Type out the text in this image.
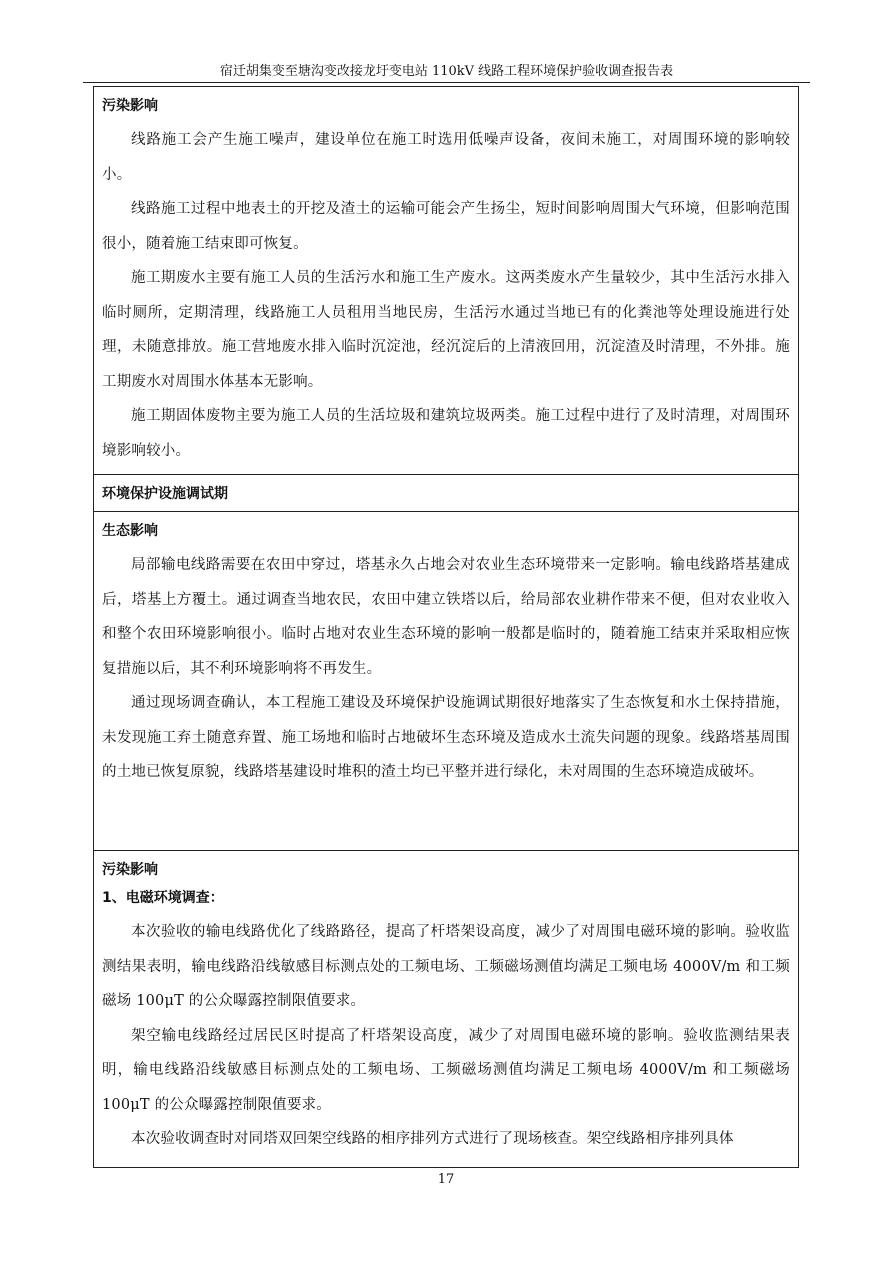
宿迁胡集变至塘沟变改接龙圩变电站 110kV 线路工程环境保护验收调查报告表
污染影响

线路施工会产生施工噪声，建设单位在施工时选用低噪声设备，夜间未施工，对周围环境的影响较小。

线路施工过程中地表土的开挖及渣土的运输可能会产生扬尘，短时间影响周围大气环境，但影响范围很小，随着施工结束即可恢复。

施工期废水主要有施工人员的生活污水和施工生产废水。这两类废水产生量较少，其中生活污水排入临时厕所，定期清理，线路施工人员租用当地民房，生活污水通过当地已有的化粪池等处理设施进行处理，未随意排放。施工营地废水排入临时沉淀池，经沉淀后的上清液回用，沉淀渣及时清理，不外排。施工期废水对周围水体基本无影响。

施工期固体废物主要为施工人员的生活垃圾和建筑垃圾两类。施工过程中进行了及时清理，对周围环境影响较小。

环境保护设施调试期
生态影响

局部输电线路需要在农田中穿过，塔基永久占地会对农业生态环境带来一定影响。输电线路塔基建成后，塔基上方覆土。通过调查当地农民，农田中建立铁塔以后，给局部农业耕作带来不便，但对农业收入和整个农田环境影响很小。临时占地对农业生态环境的影响一般都是临时的，随着施工结束并采取相应恢复措施以后，其不利环境影响将不再发生。

通过现场调查确认，本工程施工建设及环境保护设施调试期很好地落实了生态恢复和水土保持措施，未发现施工弃土随意弃置、施工场地和临时占地破坏生态环境及造成水土流失问题的现象。线路塔基周围的土地已恢复原貌，线路塔基建设时堆积的渣土均已平整并进行绿化，未对周围的生态环境造成破坏。

污染影响
1、电磁环境调查：

本次验收的输电线路优化了线路路径，提高了杆塔架设高度，减少了对周围电磁环境的影响。验收监测结果表明，输电线路沿线敏感目标测点处的工频电场、工频磁场测值均满足工频电场 4000V/m 和工频磁场 100μT 的公众曝露控制限值要求。

架空输电线路经过居民区时提高了杆塔架设高度，减少了对周围电磁环境的影响。验收监测结果表明，输电线路沿线敏感目标测点处的工频电场、工频磁场测值均满足工频电场 4000V/m 和工频磁场 100μT 的公众曝露控制限值要求。

本次验收调查时对同塔双回架空线路的相序排列方式进行了现场核查。架空线路相序排列具体

17
